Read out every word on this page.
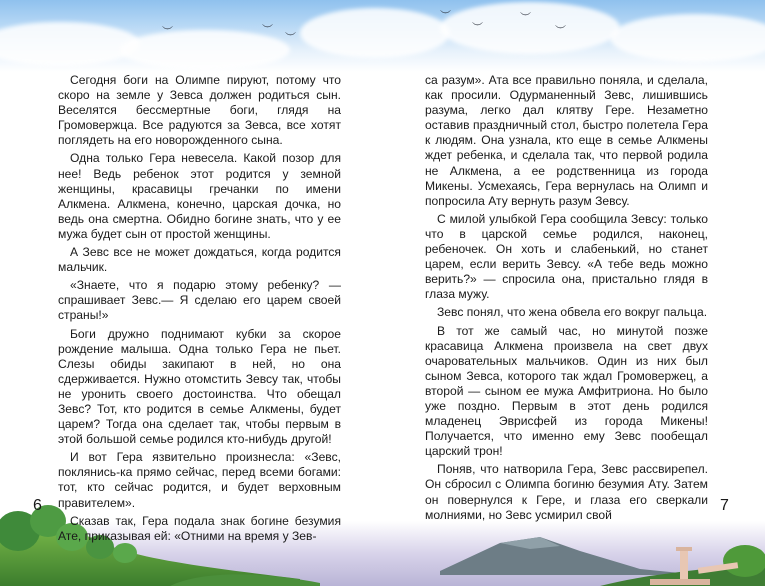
︶	︶
︶
︶
︶
︶
︶

Сегодня боги на Олимпе пируют, потому что скоро на земле у Зевса должен родиться сын. Веселятся бессмертные боги, глядя на Громовержца. Все радуются за Зевса, все хотят поглядеть на его новорожденного сына.

Одна только Гера невесела. Какой позор для нее! Ведь ребенок этот родится у земной женщины, красавицы гречанки по имени Алкмена. Алкмена, конечно, царская дочка, но ведь она смертна. Обидно богине знать, что у ее мужа будет сын от простой женщины.

А Зевс все не может дождаться, когда родится мальчик.

«Знаете, что я подарю этому ребенку? — спрашивает Зевс.— Я сделаю его царем своей страны!»

Боги дружно поднимают кубки за скорое рождение малыша. Одна только Гера не пьет. Слезы обиды закипают в ней, но она сдерживается. Нужно отомстить Зевсу так, чтобы не уронить своего достоинства. Что обещал Зевс? Тот, кто родится в семье Алкмены, будет царем? Тогда она сделает так, чтобы первым в этой большой семье родился кто-нибудь другой!

И вот Гера язвительно произнесла: «Зевс, поклянись-ка прямо сейчас, перед всеми богами: тот, кто сейчас родится, и будет верховным правителем».

Сказав так, Гера подала знак богине безумия Ате, приказывая ей: «Отними на время у Зев-

6

са разум». Ата все правильно поняла, и сделала, как просили. Одурманенный Зевс, лишившись разума, легко дал клятву Гере. Незаметно оставив праздничный стол, быстро полетела Гера к людям. Она узнала, кто еще в семье Алкмены ждет ребенка, и сделала так, что первой родила не Алкмена, а ее родственница из города Микены. Усмехаясь, Гера вернулась на Олимп и попросила Ату вернуть разум Зевсу.

С милой улыбкой Гера сообщила Зевсу: только что в царской семье родился, наконец, ребеночек. Он хоть и слабенький, но станет царем, если верить Зевсу. «А тебе ведь можно верить?» — спросила она, пристально глядя в глаза мужу.

Зевс понял, что жена обвела его вокруг пальца.

В тот же самый час, но минутой позже красавица Алкмена произвела на свет двух очаровательных мальчиков. Один из них был сыном Зевса, которого так ждал Громовержец, а второй — сыном ее мужа Амфитриона. Но было уже поздно. Первым в этот день родился младенец Эврисфей из города Микены! Получается, что именно ему Зевс пообещал царский трон!

Поняв, что натворила Гера, Зевс рассвирепел. Он сбросил с Олимпа богиню безумия Ату. Затем он повернулся к Гере, и глаза его сверкали молниями, но Зевс усмирил свой

7
